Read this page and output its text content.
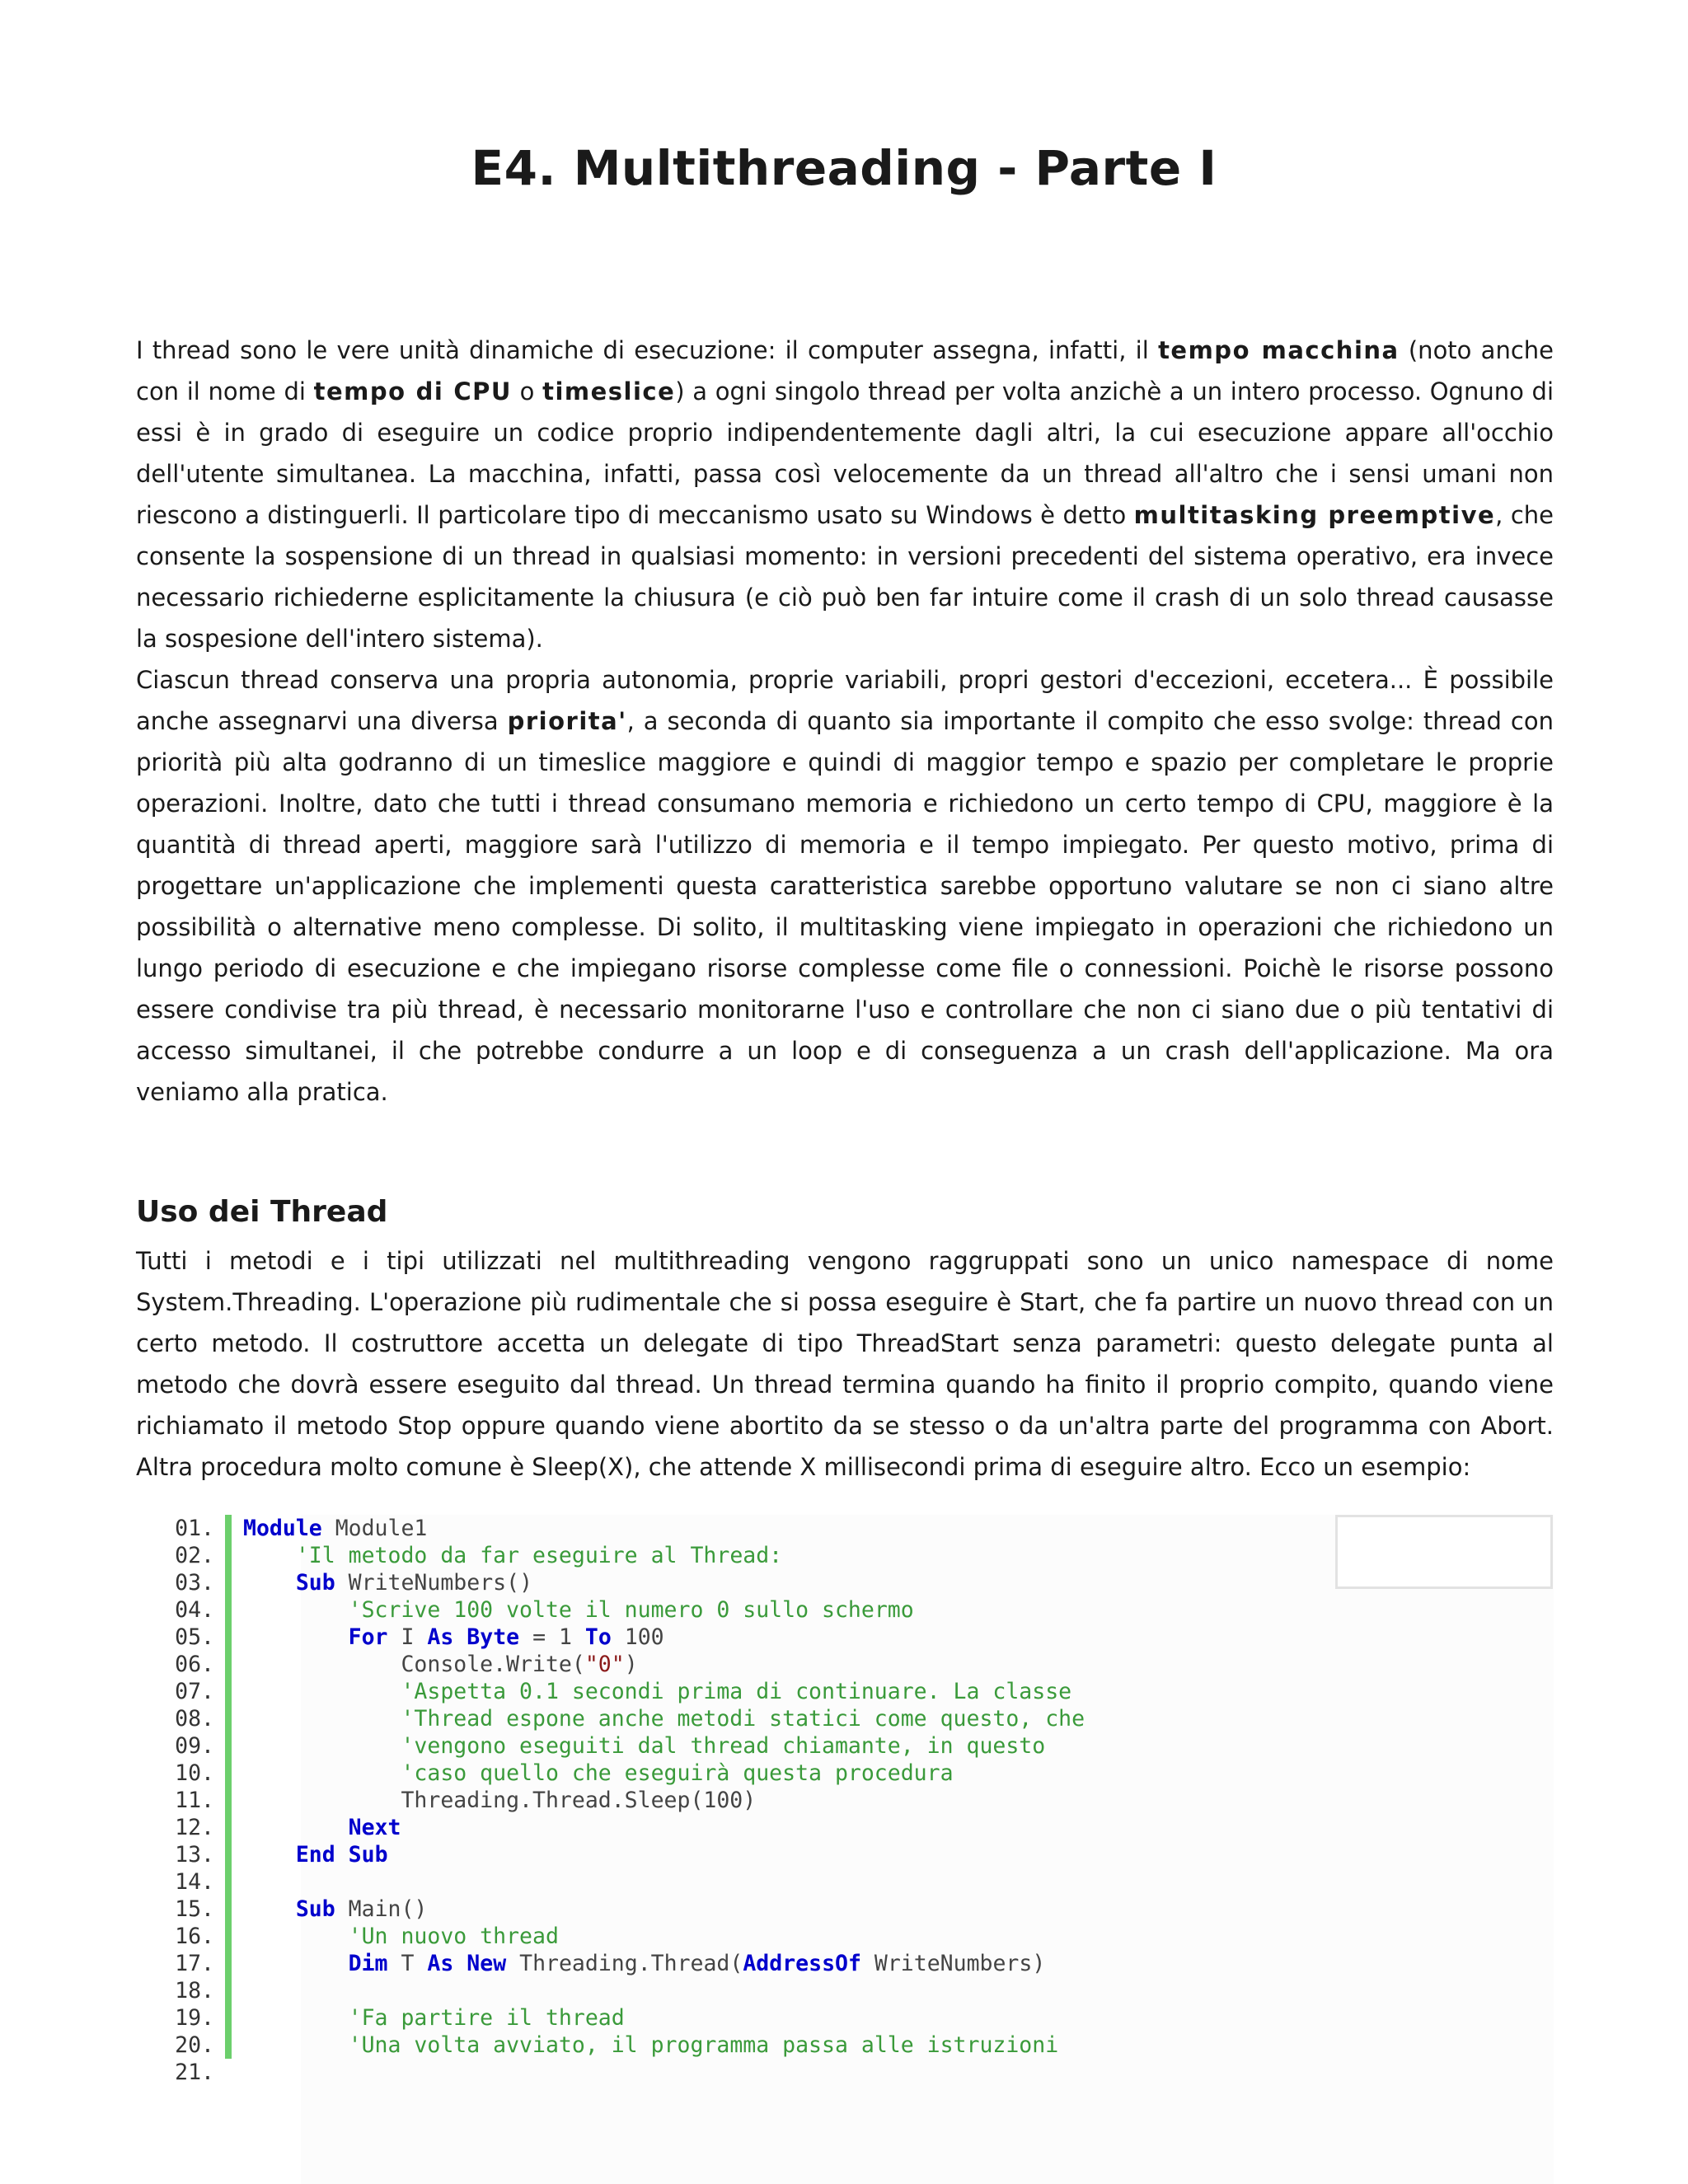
E4. Multithreading - Parte I

I thread sono le vere unità dinamiche di esecuzione: il computer assegna, infatti, il tempo macchina (noto anche con il nome di tempo di CPU o timeslice) a ogni singolo thread per volta anzichè a un intero processo. Ognuno di essi è in grado di eseguire un codice proprio indipendentemente dagli altri, la cui esecuzione appare all'occhio dell'utente simultanea. La macchina, infatti, passa così velocemente da un thread all'altro che i sensi umani non riescono a distinguerli. Il particolare tipo di meccanismo usato su Windows è detto multitasking preemptive, che consente la sospensione di un thread in qualsiasi momento: in versioni precedenti del sistema operativo, era invece necessario richiederne esplicitamente la chiusura (e ciò può ben far intuire come il crash di un solo thread causasse la sospesione dell'intero sistema).

Ciascun thread conserva una propria autonomia, proprie variabili, propri gestori d'eccezioni, eccetera... È possibile anche assegnarvi una diversa priorita', a seconda di quanto sia importante il compito che esso svolge: thread con priorità più alta godranno di un timeslice maggiore e quindi di maggior tempo e spazio per completare le proprie operazioni. Inoltre, dato che tutti i thread consumano memoria e richiedono un certo tempo di CPU, maggiore è la quantità di thread aperti, maggiore sarà l'utilizzo di memoria e il tempo impiegato. Per questo motivo, prima di progettare un'applicazione che implementi questa caratteristica sarebbe opportuno valutare se non ci siano altre possibilità o alternative meno complesse. Di solito, il multitasking viene impiegato in operazioni che richiedono un lungo periodo di esecuzione e che impiegano risorse complesse come file o connessioni. Poichè le risorse possono essere condivise tra più thread, è necessario monitorarne l'uso e controllare che non ci siano due o più tentativi di accesso simultanei, il che potrebbe condurre a un loop e di conseguenza a un crash dell'applicazione. Ma ora veniamo alla pratica.

Uso dei Thread

Tutti i metodi e i tipi utilizzati nel multithreading vengono raggruppati sono un unico namespace di nome System.Threading. L'operazione più rudimentale che si possa eseguire è Start, che fa partire un nuovo thread con un certo metodo. Il costruttore accetta un delegate di tipo ThreadStart senza parametri: questo delegate punta al metodo che dovrà essere eseguito dal thread. Un thread termina quando ha finito il proprio compito, quando viene richiamato il metodo Stop oppure quando viene abortito da se stesso o da un'altra parte del programma con Abort. Altra procedura molto comune è Sleep(X), che attende X millisecondi prima di eseguire altro. Ecco un esempio:

01. Module Module1
02.	'Il metodo da far eseguire al Thread:
03.	Sub WriteNumbers()
04.	'Scrive 100 volte il numero 0 sullo schermo
05.	For I As Byte = 1 To 100
06.            Console.Write("0")
07.	'Aspetta 0.1 secondi prima di continuare. La classe
08.	'Thread espone anche metodi statici come questo, che
09.	'vengono eseguiti dal thread chiamante, in questo
10.	'caso quello che eseguirà questa procedura
11.            Threading.Thread.Sleep(100)
12.	Next
13.	End Sub
14.
15.	Sub Main()
16.	'Un nuovo thread
17.	Dim T As New Threading.Thread(AddressOf WriteNumbers)
18.
19.	'Fa partire il thread
20.	'Una volta avviato, il programma passa alle istruzioni
21.
